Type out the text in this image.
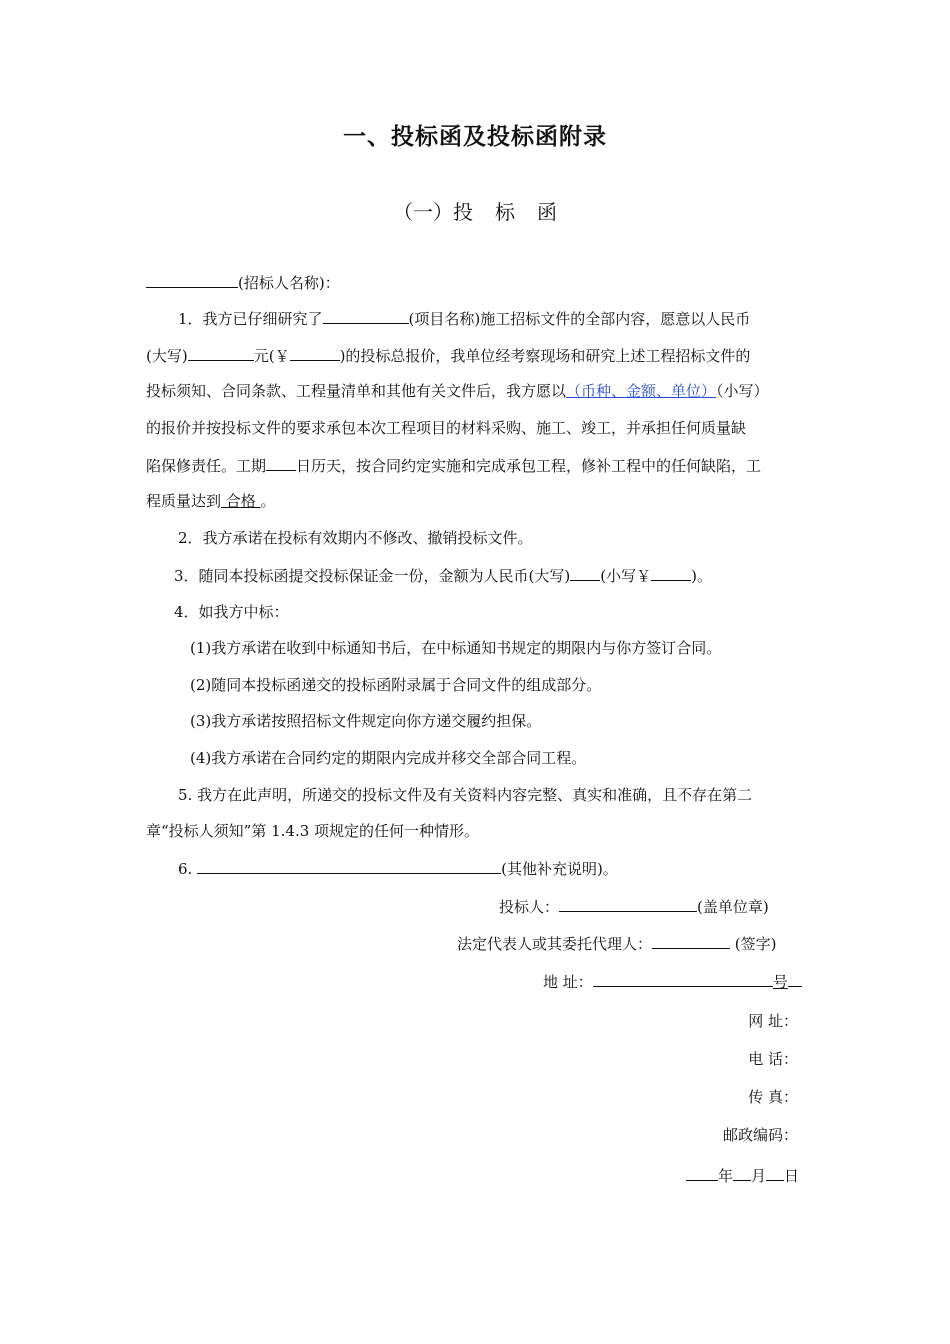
一、投标函及投标函附录
（一）投 标 函
(招标人名称)：
1．我方已仔细研究了	(项目名称)施工招标文件的全部内容，愿意以人民币
(大写)	元(￥	)的投标总报价，我单位经考察现场和研究上述工程招标文件的
投标须知、合同条款、工程量清单和其他有关文件后，我方愿以（币种、金额、单位）（小写）
的报价并按投标文件的要求承包本次工程项目的材料采购、施工、竣工，并承担任何质量缺
陷保修责任。工期 日历天，按合同约定实施和完成承包工程，修补工程中的任何缺陷，工
程质量达到 合格 。
2．我方承诺在投标有效期内不修改、撤销投标文件。
3．随同本投标函提交投标保证金一份，金额为人民币(大写) (小写￥	)。
4．如我方中标：
(1)我方承诺在收到中标通知书后，在中标通知书规定的期限内与你方签订合同。
(2)随同本投标函递交的投标函附录属于合同文件的组成部分。
(3)我方承诺按照招标文件规定向你方递交履约担保。
(4)我方承诺在合同约定的期限内完成并移交全部合同工程。
5. 我方在此声明，所递交的投标文件及有关资料内容完整、真实和准确，且不存在第二
章“投标人须知”第 1.4.3 项规定的任何一种情形。
6.	(其他补充说明)。
投标人：	(盖单位章)
法定代表人或其委托代理人：	(签字)
地 址：	号
网 址：
电 话：
传 真：
邮政编码：
年 月 日
